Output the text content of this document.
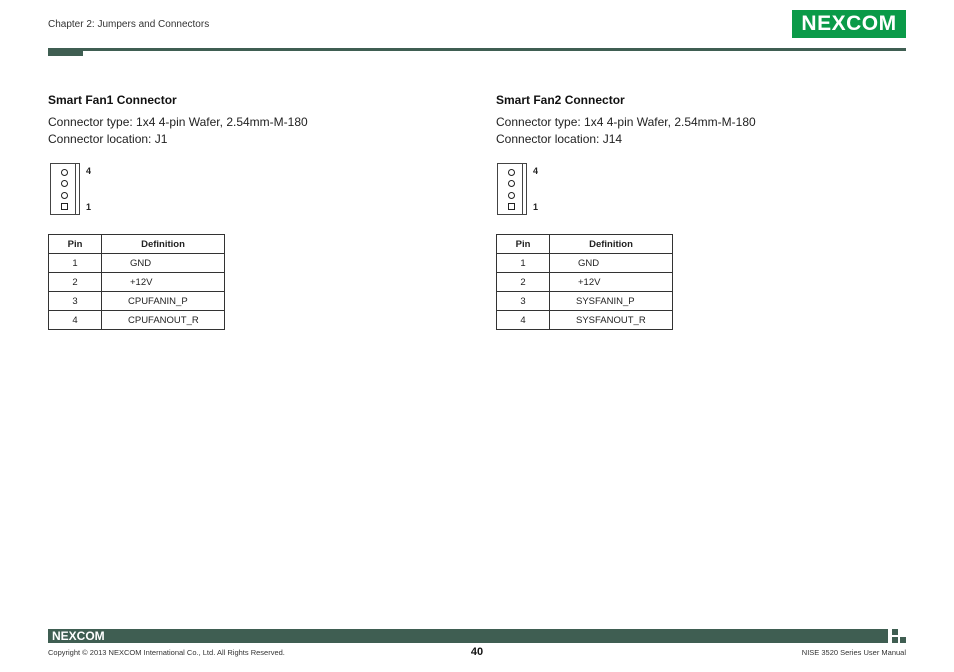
Chapter 2: Jumpers and Connectors	NEXCOM
Smart Fan1 Connector
Connector type: 1x4 4-pin Wafer, 2.54mm-M-180
Connector location: J1
4
1
Pin	Definition
1	GND
2	+12V
3	CPUFANIN_P
4	CPUFANOUT_R
Smart Fan2 Connector
Connector type: 1x4 4-pin Wafer, 2.54mm-M-180
Connector location: J14
4
1
Pin	Definition
1	GND
2	+12V
3	SYSFANIN_P
4	SYSFANOUT_R
NEXCOM
Copyright © 2013 NEXCOM International Co., Ltd. All Rights Reserved.	40	NISE 3520 Series User Manual
